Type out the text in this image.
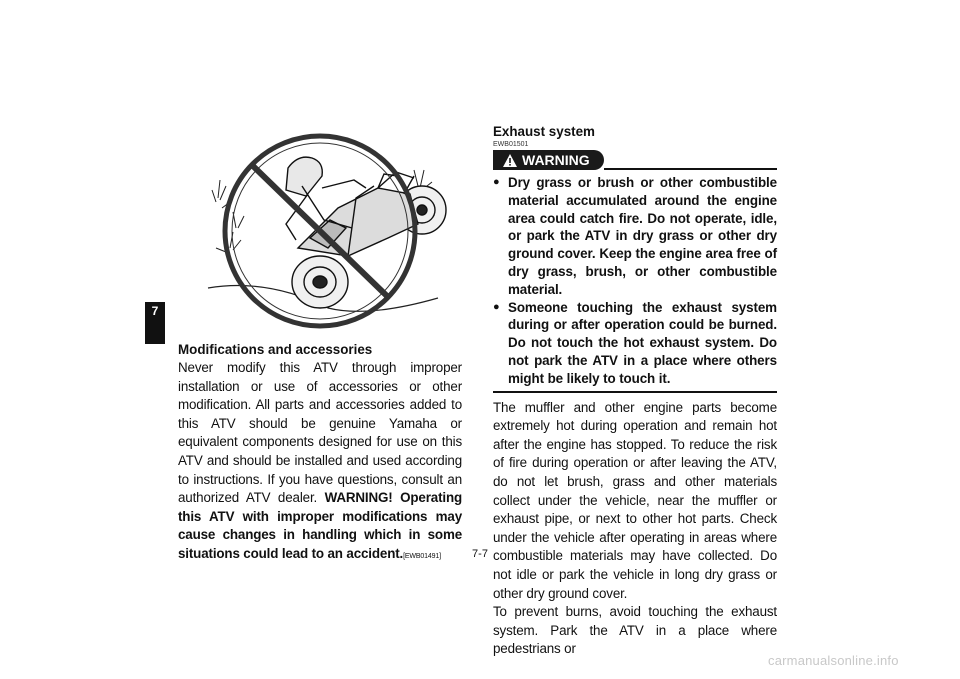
7

Modifications and accessories

Never modify this ATV through improper installation or use of accessories or other modification. All parts and accessories added to this ATV should be genuine Yamaha or equivalent components designed for use on this ATV and should be installed and used according to instructions. If you have questions, consult an authorized ATV dealer. WARNING! Operating this ATV with improper modifications may cause changes in handling which in some situations could lead to an accident.[EWB01491]

Exhaust system

EWB01501
WARNING
● Dry grass or brush or other combustible material accumulated around the engine area could catch fire. Do not operate, idle, or park the ATV in dry grass or other dry ground cover. Keep the engine area free of dry grass, brush, or other combustible material.
● Someone touching the exhaust system during or after operation could be burned. Do not touch the hot exhaust system. Do not park the ATV in a place where others might be likely to touch it.

The muffler and other engine parts become extremely hot during operation and remain hot after the engine has stopped. To reduce the risk of fire during operation or after leaving the ATV, do not let brush, grass and other materials collect under the vehicle, near the muffler or exhaust pipe, or next to other hot parts. Check under the vehicle after operating in areas where combustible materials may have collected. Do not idle or park the vehicle in long dry grass or other dry ground cover.

To prevent burns, avoid touching the exhaust system. Park the ATV in a place where pedestrians or

7-7
carmanualsonline.info
